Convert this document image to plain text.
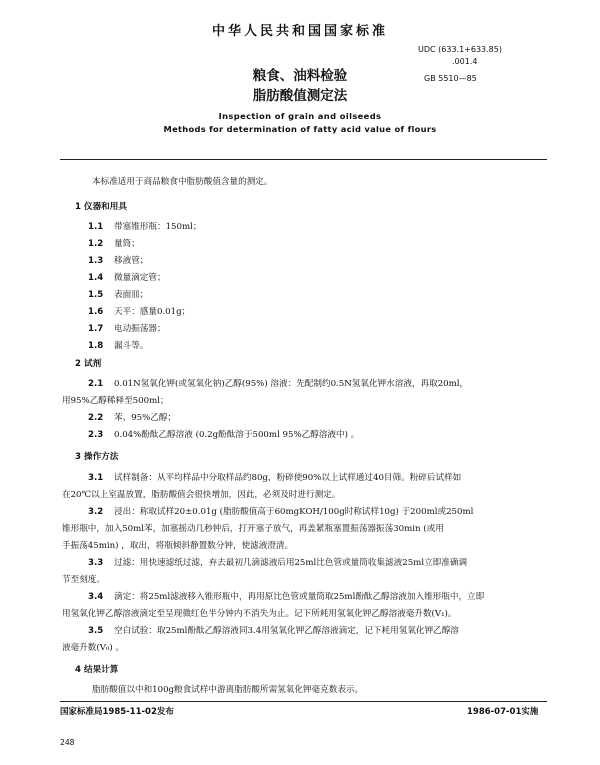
中华人民共和国国家标准
UDC (633.1+633.85)
.001.4
GB 5510—85
粮食、油料检验
脂肪酸值测定法
Inspection of grain and oilseeds
Methods for determination of fatty acid value of flours
本标准适用于商品粮食中脂肪酸值含量的测定。
1 仪器和用具
1.1 带塞锥形瓶：150ml；
1.2 量筒；
1.3 移液管；
1.4 微量滴定管；
1.5 表面皿；
1.6 天平：感量0.01g；
1.7 电动振荡器；
1.8 漏斗等。
2 试剂
2.1 0.01N氢氧化钾(或氢氧化钠)乙醇(95%) 溶液：先配制约0.5N氢氧化钾水溶液，再取20ml，
用95%乙醇稀释至500ml；
2.2 苯、95%乙醇；
2.3 0.04%酚酞乙醇溶液 (0.2g酚酞溶于500ml 95%乙醇溶液中) 。
3 操作方法
3.1 试样制备：从平均样品中分取样品约80g，粉碎使90%以上试样通过40目筛。粉碎后试样如
在20℃以上室温放置，脂肪酸值会很快增加，因此，必须及时进行测定。
3.2 浸出：称取试样20±0.01g (脂肪酸值高于60mgKOH/100g时称试样10g) 于200ml或250ml
锥形瓶中，加入50ml苯，加塞摇动几秒钟后，打开塞子放气，再盖紧瓶塞置振荡器振荡30min (或用
手振荡45min) ，取出，将瓶倾斜静置数分钟，使滤液澄清。
3.3 过滤：用快速滤纸过滤，弃去最初几滴滤液后用25ml比色管或量筒收集滤液25ml立即准确调
节至刻度。
3.4 滴定：将25ml滤液移入锥形瓶中，再用原比色管或量筒取25ml酚酞乙醇溶液加入锥形瓶中，立即
用氢氧化钾乙醇溶液滴定至呈现微红色半分钟内不消失为止。记下所耗用氢氧化钾乙醇溶液毫升数(V₁)。
3.5 空白试验：取25ml酚酞乙醇溶液同3.4用氢氧化钾乙醇溶液滴定，记下耗用氢氧化钾乙醇溶
液毫升数(V₀) 。
4 结果计算
脂肪酸值以中和100g粮食试样中游离脂肪酸所需氢氧化钾毫克数表示。
国家标准局1985-11-02发布	1986-07-01实施
248
